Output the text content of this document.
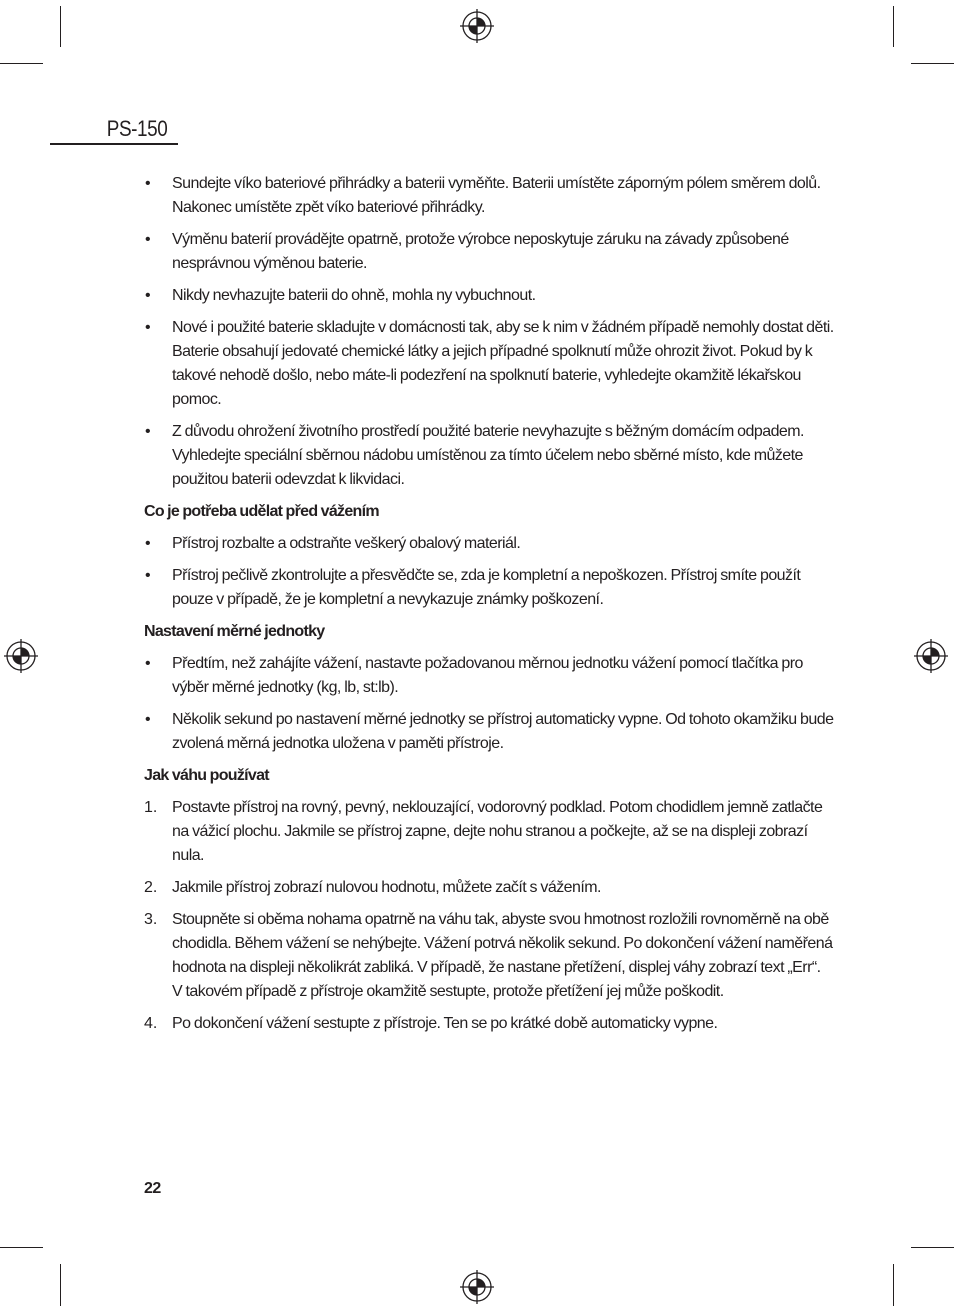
PS-150
•	Sundejte víko bateriové přihrádky a baterii vyměňte. Baterii umístěte záporným pólem směrem dolů. Nakonec umístěte zpět víko bateriové přihrádky.
•	Výměnu baterií provádějte opatrně, protože výrobce neposkytuje záruku na závady způsobené nesprávnou výměnou baterie.
•	Nikdy nevhazujte baterii do ohně, mohla ny vybuchnout.
•	Nové i použité baterie skladujte v domácnosti tak, aby se k nim v žádném případě nemohly dostat děti. Baterie obsahují jedovaté chemické látky a jejich případné spolknutí může ohrozit život. Pokud by k takové nehodě došlo, nebo máte-li podezření na spolknutí baterie, vyhledejte okamžitě lékařskou pomoc.
•	Z důvodu ohrožení životního prostředí použité baterie nevyhazujte s běžným domácím odpadem. Vyhledejte speciální sběrnou nádobu umístěnou za tímto účelem nebo sběrné místo, kde můžete použitou baterii odevzdat k likvidaci.
Co je potřeba udělat před vážením
•	Přístroj rozbalte a odstraňte veškerý obalový materiál.
•	Přístroj pečlivě zkontrolujte a přesvědčte se, zda je kompletní a nepoškozen. Přístroj smíte použít pouze v případě, že je kompletní a nevykazuje známky poškození.
Nastavení měrné jednotky
•	Předtím, než zahájíte vážení, nastavte požadovanou měrnou jednotku vážení pomocí tlačítka pro výběr měrné jednotky (kg, lb, st:lb).
•	Několik sekund po nastavení měrné jednotky se přístroj automaticky vypne. Od tohoto okamžiku bude zvolená měrná jednotka uložena v paměti přístroje.
Jak váhu používat
1. Postavte přístroj na rovný, pevný, neklouzající, vodorovný podklad. Potom chodidlem jemně zatlačte na vážicí plochu. Jakmile se přístroj zapne, dejte nohu stranou a počkejte, až se na displeji zobrazí nula.
2. Jakmile přístroj zobrazí nulovou hodnotu, můžete začít s vážením.
3. Stoupněte si oběma nohama opatrně na váhu tak, abyste svou hmotnost rozložili rovnoměrně na obě chodidla. Během vážení se nehýbejte. Vážení potrvá několik sekund. Po dokončení vážení naměřená hodnota na displeji několikrát zabliká. V případě, že nastane přetížení, displej váhy zobrazí text „Err“. V takovém případě z přístroje okamžitě sestupte, protože přetížení jej může poškodit.
4. Po dokončení vážení sestupte z přístroje. Ten se po krátké době automaticky vypne.
22
